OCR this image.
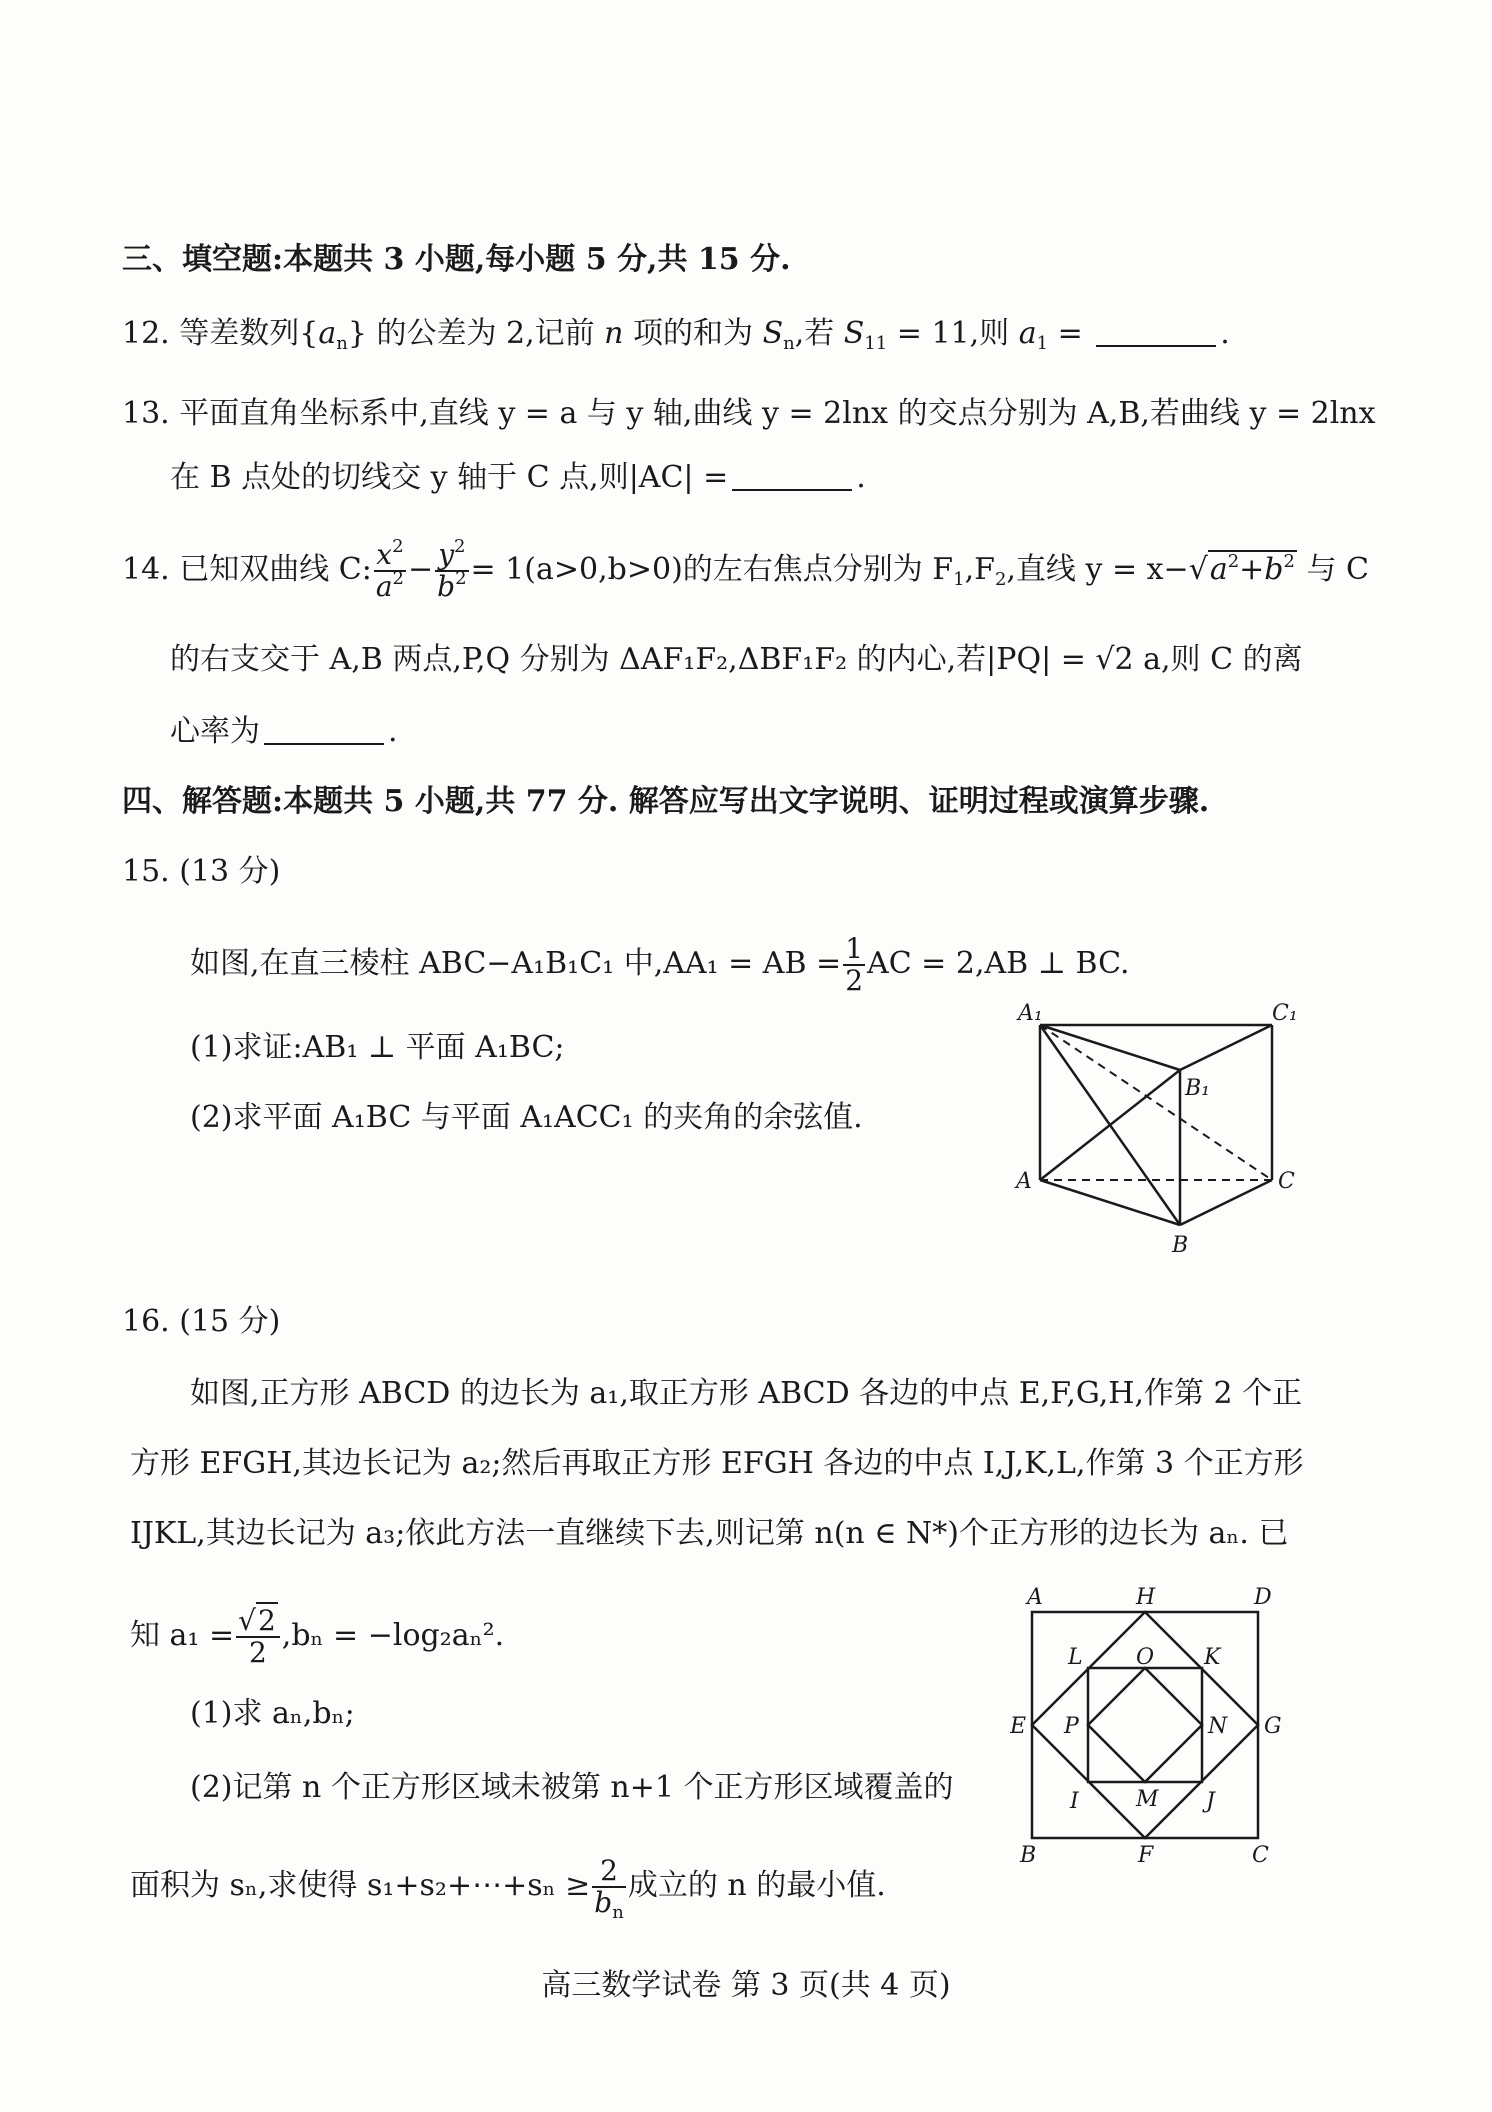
三、填空题:本题共 3 小题,每小题 5 分,共 15 分.
12. 等差数列$\{a_n\}$ 的公差为 2,记前 n 项的和为 $S_n$,若 $S_{11} = 11$,则 $a_1$ =	.
13. 平面直角坐标系中,直线 y = a 与 y 轴,曲线 y = 2lnx 的交点分别为 A,B,若曲线 y = 2lnx
在 B 点处的切线交 y 轴于 C 点,则|AC| =	.
14. 已知双曲线 C: $\frac{x^2}{a^2} - \frac{y^2}{b^2} = 1(a>0,b>0)$的左右焦点分别为 $F_1,F_2$,直线 $y = x-√a^2+b^2$ 与 C
的右支交于 A,B 两点,P,Q 分别为 ΔAF₁F₂,ΔBF₁F₂ 的内心,若|PQ| = √2 a,则 C 的离
心率为	.
四、解答题:本题共 5 小题,共 77 分. 解答应写出文字说明、证明过程或演算步骤.
15. (13 分)
如图,在直三棱柱 ABC−A₁B₁C₁ 中,AA₁ = AB = $\frac{1}{2}$ AC = 2,AB ⊥ BC.
(1)求证:AB₁ ⊥ 平面 A₁BC;
(2)求平面 A₁BC 与平面 A₁ACC₁ 的夹角的余弦值.
A₁	C₁
B₁
A	C
B
16. (15 分)
如图,正方形 ABCD 的边长为 a₁,取正方形 ABCD 各边的中点 E,F,G,H,作第 2 个正
方形 EFGH,其边长记为 a₂;然后再取正方形 EFGH 各边的中点 I,J,K,L,作第 3 个正方形
IJKL,其边长记为 a₃;依此方法一直继续下去,则记第 n(n ∈ N*)个正方形的边长为 aₙ. 已
知 $a_1 = \frac{√2}{2} ,b_n = -\log_2a_n^2$.
(1)求 aₙ,bₙ;
(2)记第 n 个正方形区域未被第 n+1 个正方形区域覆盖的
面积为 sₙ,求使得 s₁+s₂+⋯+sₙ ≥ $\frac{2}{b_n}$ 成立的 n 的最小值.
A	H	D
L O K
E P	N G
I	M J
B	F	C
高三数学试卷 第 3 页(共 4 页)
